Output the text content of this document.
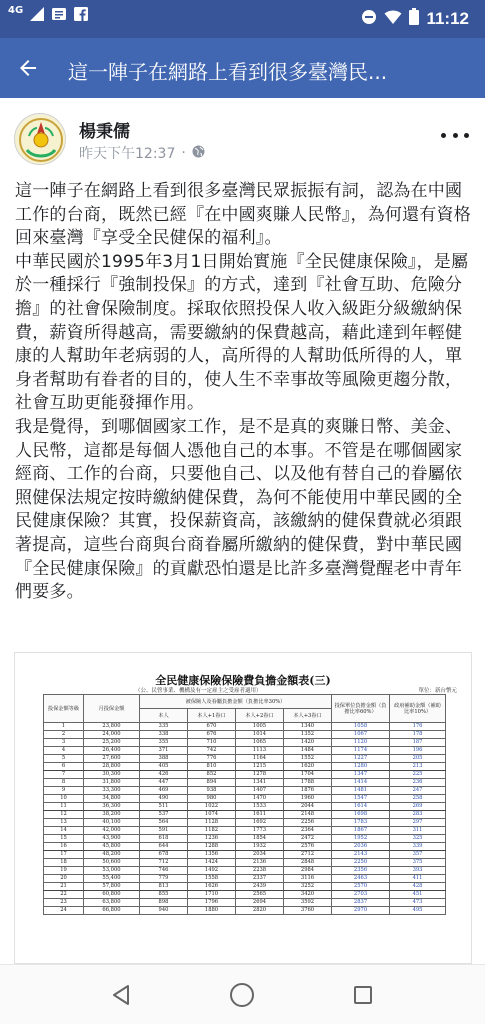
4G	11:12
這一陣子在網路上看到很多臺灣民...
楊秉儒
昨天下午12:37 ·

這一陣子在網路上看到很多臺灣民眾振振有詞，認為在中國工作的台商，既然已經『在中國爽賺人民幣』，為何還有資格回來臺灣『享受全民健保的福利』。

中華民國於1995年3月1日開始實施『全民健康保險』，是屬於一種採行『強制投保』的方式，達到『社會互助、危險分擔』的社會保險制度。採取依照投保人收入級距分級繳納保費，薪資所得越高，需要繳納的保費越高，藉此達到年輕健康的人幫助年老病弱的人，高所得的人幫助低所得的人，單身者幫助有眷者的目的，使人生不幸事故等風險更趨分散，社會互助更能發揮作用。

我是覺得，到哪個國家工作，是不是真的爽賺日幣、美金、人民幣，這都是每個人憑他自己的本事。不管是在哪個國家經商、工作的台商，只要他自己、以及他有替自己的眷屬依照健保法規定按時繳納健保費，為何不能使用中華民國的全民健康保險？其實，投保薪資高，該繳納的健保費就必須跟著提高，這些台商與台商眷屬所繳納的健保費，對中華民國『全民健康保險』的貢獻恐怕還是比許多臺灣覺醒老中青年們要多。

全民健康保險保險費負擔金額表(三)
（公、民營事業、機構及有一定雇主之受雇者適用）	單位：新台幣元
投保金額等級	月投保金額	被保險人及眷屬負擔金額（負擔比率30%）				投保單位負擔金額（負擔比率60%）	政府補助金額（補助比率10%）
		本人	本人+1眷口	本人+2眷口	本人+3眷口		
1	23,800	335	670	1005	1340	1058	176
2	24,000	338	676	1014	1352	1067	178
3	25,200	355	710	1065	1420	1120	187
4	26,400	371	742	1113	1484	1174	196
5	27,600	388	776	1164	1552	1227	205
6	28,800	405	810	1215	1620	1280	213
7	30,300	426	852	1278	1704	1347	225
8	31,800	447	894	1341	1788	1414	236
9	33,300	469	938	1407	1876	1481	247
10	34,800	490	980	1470	1960	1547	258
11	36,300	511	1022	1533	2044	1614	269
12	38,200	537	1074	1611	2148	1698	283
13	40,100	564	1128	1692	2256	1783	297
14	42,000	591	1182	1773	2364	1867	311
15	43,900	618	1236	1854	2472	1952	325
16	45,800	644	1288	1932	2576	2036	339
17	48,200	678	1356	2034	2712	2143	357
18	50,600	712	1424	2136	2848	2250	375
19	53,000	746	1492	2238	2984	2356	393
20	55,400	779	1558	2337	3116	2463	411
21	57,800	813	1626	2439	3252	2570	428
22	60,800	855	1710	2565	3420	2703	451
23	63,800	898	1796	2694	3592	2837	473
24	66,800	940	1880	2820	3760	2970	495
